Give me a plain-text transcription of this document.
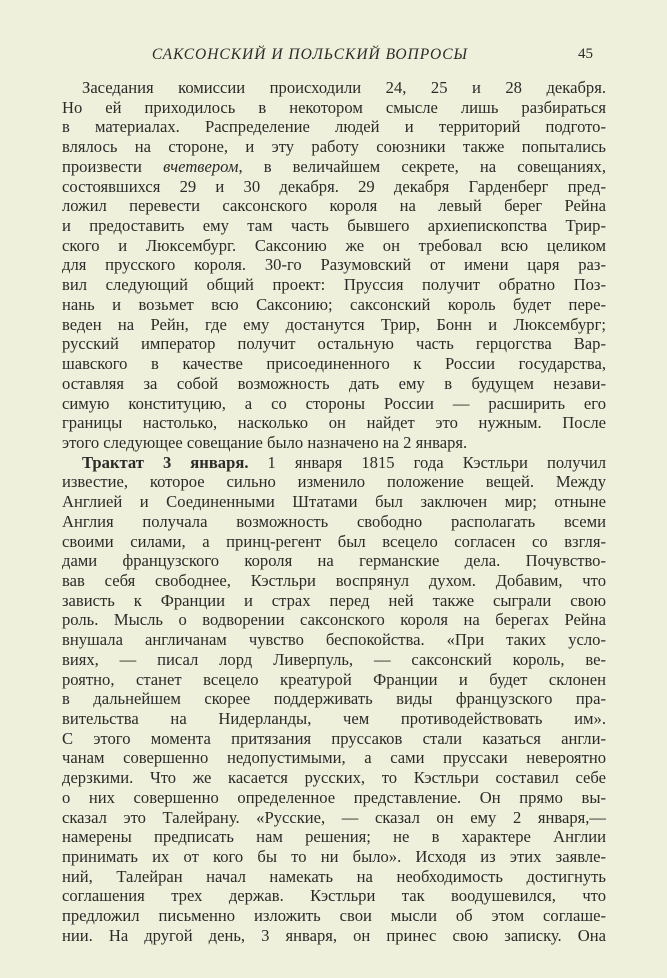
САКСОНСКИЙ И ПОЛЬСКИЙ ВОПРОСЫ	45
Заседания комиссии происходили 24, 25 и 28 декабря.
Но ей приходилось в некотором смысле лишь разбираться
в материалах. Распределение людей и территорий подгото-
влялось на стороне, и эту работу союзники также попытались
произвести вчетвером, в величайшем секрете, на совещаниях,
состоявшихся 29 и 30 декабря. 29 декабря Гарденберг пред-
ложил перевести саксонского короля на левый берег Рейна
и предоставить ему там часть бывшего архиепископства Трир-
ского и Люксембург. Саксонию же он требовал всю целиком
для прусского короля. 30-го Разумовский от имени царя раз-
вил следующий общий проект: Пруссия получит обратно Поз-
нань и возьмет всю Саксонию; саксонский король будет пере-
веден на Рейн, где ему достанутся Трир, Бонн и Люксембург;
русский император получит остальную часть герцогства Вар-
шавского в качестве присоединенного к России государства,
оставляя за собой возможность дать ему в будущем незави-
симую конституцию, а со стороны России — расширить его
границы настолько, насколько он найдет это нужным. После
этого следующее совещание было назначено на 2 января.
Трактат 3 января. 1 января 1815 года Кэстльри получил
известие, которое сильно изменило положение вещей. Между
Англией и Соединенными Штатами был заключен мир; отныне
Англия получала возможность свободно располагать всеми
своими силами, а принц-регент был всецело согласен со взгля-
дами французского короля на германские дела. Почувство-
вав себя свободнее, Кэстльри воспрянул духом. Добавим, что
зависть к Франции и страх перед ней также сыграли свою
роль. Мысль о водворении саксонского короля на берегах Рейна
внушала англичанам чувство беспокойства. «При таких усло-
виях, — писал лорд Ливерпуль, — саксонский король, ве-
роятно, станет всецело креатурой Франции и будет склонен
в дальнейшем скорее поддерживать виды французского пра-
вительства на Нидерланды, чем противодействовать им».
С этого момента притязания пруссаков стали казаться англи-
чанам совершенно недопустимыми, а сами пруссаки невероятно
дерзкими. Что же касается русских, то Кэстльри составил себе
о них совершенно определенное представление. Он прямо вы-
сказал это Талейрану. «Русские, — сказал он ему 2 января,—
намерены предписать нам решения; не в характере Англии
принимать их от кого бы то ни было». Исходя из этих заявле-
ний, Талейран начал намекать на необходимость достигнуть
соглашения трех держав. Кэстльри так воодушевился, что
предложил письменно изложить свои мысли об этом соглаше-
нии. На другой день, 3 января, он принес свою записку. Она
